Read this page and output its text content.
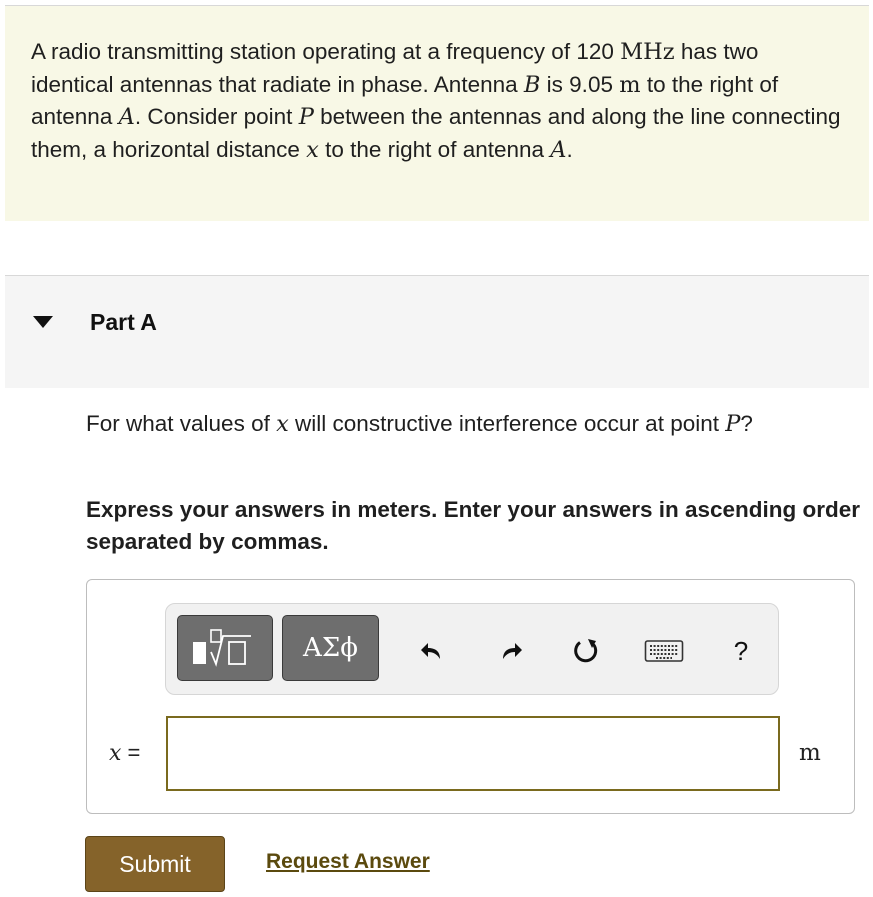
A radio transmitting station operating at a frequency of 120 MHz has two identical antennas that radiate in phase. Antenna B is 9.05 m to the right of antenna A. Consider point P between the antennas and along the line connecting them, a horizontal distance x to the right of antenna A.

Part A

For what values of x will constructive interference occur at point P?

Express your answers in meters. Enter your answers in ascending order separated by commas.

ΑΣϕ	?
x =	m
Submit	Request Answer
